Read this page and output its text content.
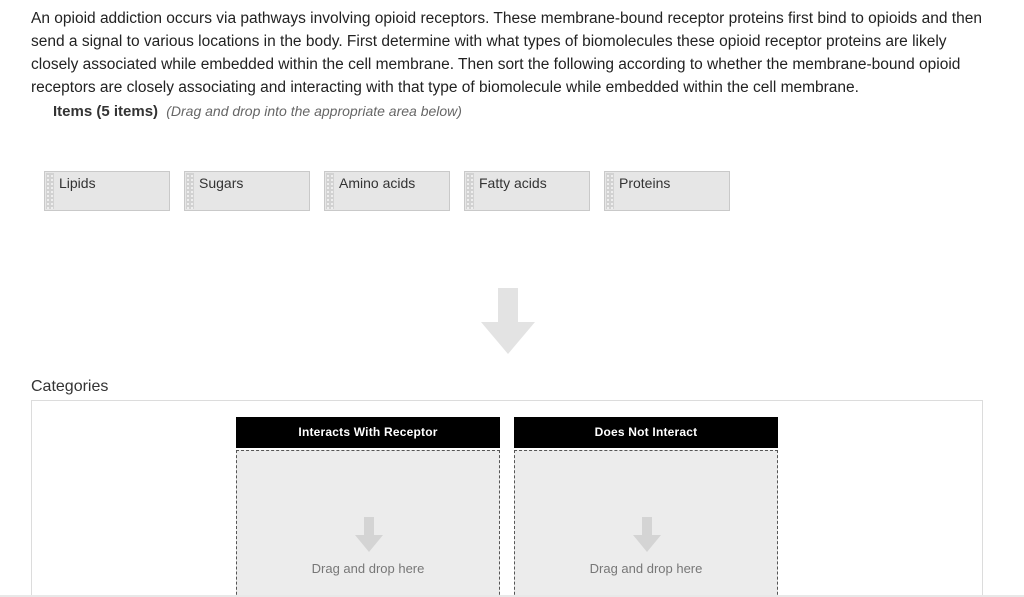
An opioid addiction occurs via pathways involving opioid receptors. These membrane-bound receptor proteins first bind to opioids and then send a signal to various locations in the body. First determine with what types of biomolecules these opioid receptor proteins are likely closely associated while embedded within the cell membrane. Then sort the following according to whether the membrane-bound opioid receptors are closely associating and interacting with that type of biomolecule while embedded within the cell membrane.

Items (5 items) (Drag and drop into the appropriate area below)
Lipids	Sugars	Amino acids	Fatty acids	Proteins
Categories
Interacts With Receptor
Drag and drop here
Does Not Interact
Drag and drop here
